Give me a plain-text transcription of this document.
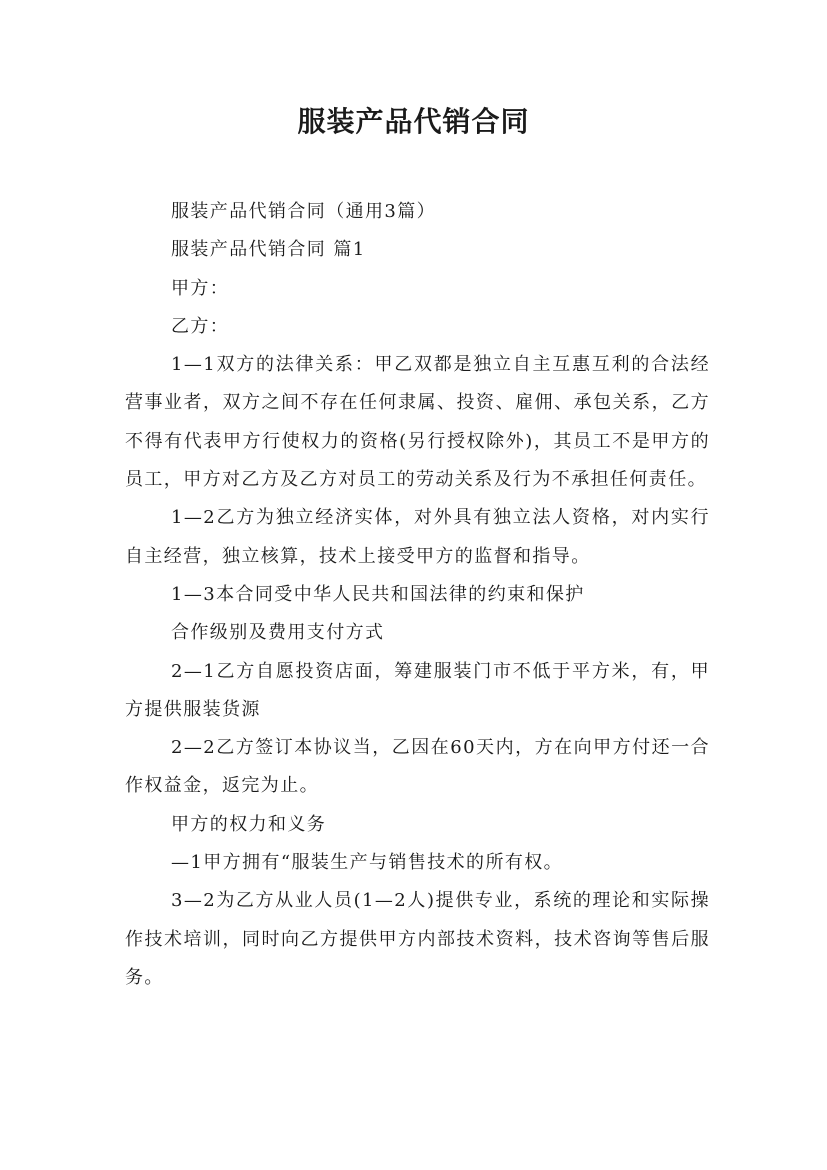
服装产品代销合同

服装产品代销合同（通用3篇）

服装产品代销合同 篇1

甲方：

乙方：

1—1双方的法律关系：甲乙双都是独立自主互惠互利的合法经营事业者，双方之间不存在任何隶属、投资、雇佣、承包关系，乙方不得有代表甲方行使权力的资格(另行授权除外)，其员工不是甲方的员工，甲方对乙方及乙方对员工的劳动关系及行为不承担任何责任。

1—2乙方为独立经济实体，对外具有独立法人资格，对内实行自主经营，独立核算，技术上接受甲方的监督和指导。

1—3本合同受中华人民共和国法律的约束和保护

合作级别及费用支付方式

2—1乙方自愿投资店面，筹建服装门市不低于平方米，有，甲方提供服装货源

2—2乙方签订本协议当，乙因在60天内，方在向甲方付还一合作权益金，返完为止。

甲方的权力和义务

—1甲方拥有“服装生产与销售技术的所有权。

3—2为乙方从业人员(1—2人)提供专业，系统的理论和实际操作技术培训，同时向乙方提供甲方内部技术资料，技术咨询等售后服务。
